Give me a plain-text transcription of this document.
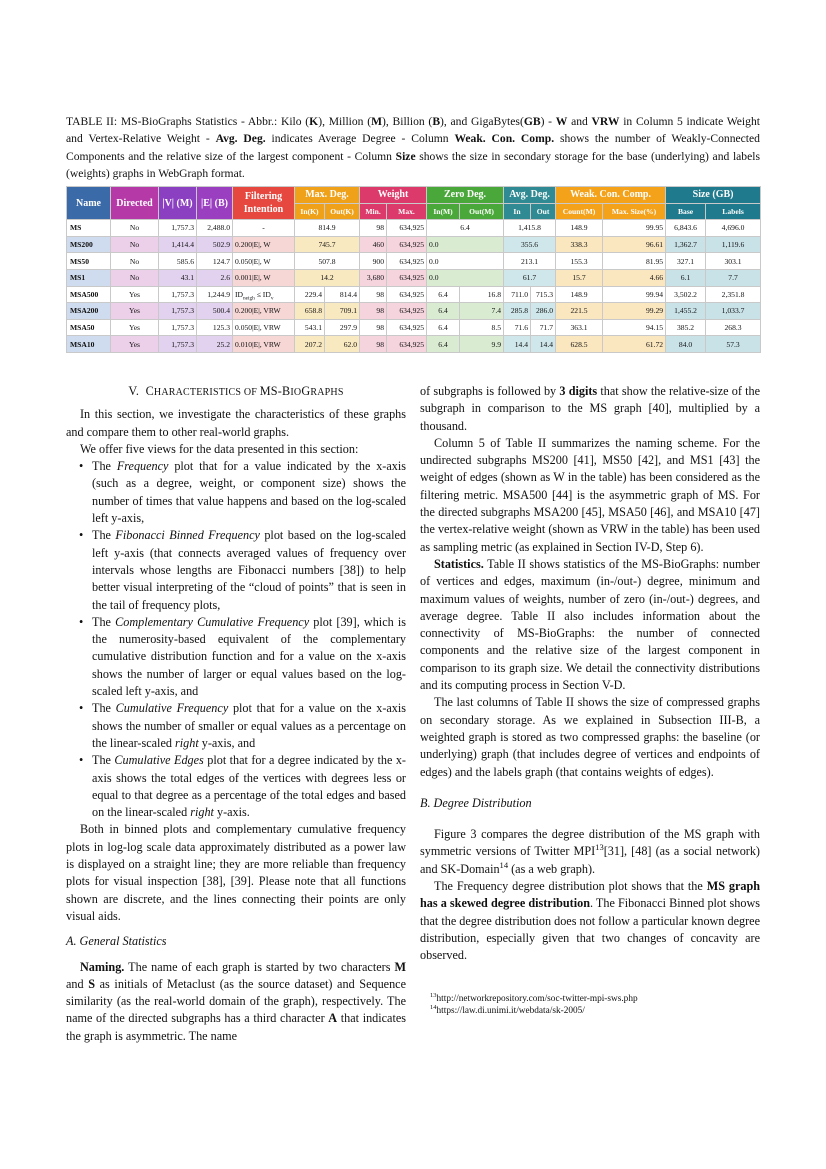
TABLE II: MS-BioGraphs Statistics - Abbr.: Kilo (K), Million (M), Billion (B), and GigaBytes(GB) - W and VRW in Column 5 indicate Weight and Vertex-Relative Weight - Avg. Deg. indicates Average Degree - Column Weak. Con. Comp. shows the number of Weakly-Connected Components and the relative size of the largest component - Column Size shows the size in secondary storage for the base (underlying) and labels (weights) graphs in WebGraph format.
Name	Directed	|V| (M)	|E| (B)	Filtering Intention	Max. Deg.		Weight		Zero Deg.		Avg. Deg.		Weak. Con. Comp.		Size (GB)	
					In(K)	Out(K)	Min.	Max.	In(M)	Out(M)	In	Out	Count(M)	Max. Size(%)	Base	Labels
MS	No	1,757.3	2,488.0	-	814.9		98	634,925	6.4		1,415.8		148.9	99.95	6,843.6	4,696.0
MS200	No	1,414.4	502.9	0.200|E|, W	745.7		460	634,925	0.0		355.6		338.3	96.61	1,362.7	1,119.6
MS50	No	585.6	124.7	0.050|E|, W	507.8		900	634,925	0.0		213.1		155.3	81.95	327.1	303.1
MS1	No	43.1	2.6	0.001|E|, W	14.2		3,680	634,925	0.0		61.7		15.7	4.66	6.1	7.7
MSA500	Yes	1,757.3	1,244.9	$ID_{neigh} \le ID_v$	229.4	814.4	98	634,925	6.4	16.8	711.0	715.3	148.9	99.94	3,502.2	2,351.8
MSA200	Yes	1,757.3	500.4	0.200|E|, VRW	658.8	709.1	98	634,925	6.4	7.4	285.8	286.0	221.5	99.29	1,455.2	1,033.7
MSA50	Yes	1,757.3	125.3	0.050|E|, VRW	543.1	297.9	98	634,925	6.4	8.5	71.6	71.7	363.1	94.15	385.2	268.3
MSA10	Yes	1,757.3	25.2	0.010|E|, VRW	207.2	62.0	98	634,925	6.4	9.9	14.4	14.4	628.5	61.72	84.0	57.3
V. CHARACTERISTICS OF MS-BIOGRAPHS

In this section, we investigate the characteristics of these graphs and compare them to other real-world graphs.

We offer five views for the data presented in this section:

• The Frequency plot that for a value indicated by the x-axis (such as a degree, weight, or component size) shows the number of times that value happens and based on the log-scaled left y-axis,
• The Fibonacci Binned Frequency plot based on the log-scaled left y-axis (that connects averaged values of frequency over intervals whose lengths are Fibonacci numbers [38]) to help better visual interpreting of the “cloud of points” that is seen in the tail of frequency plots,
• The Complementary Cumulative Frequency plot [39], which is the numerosity-based equivalent of the complementary cumulative distribution function and for a value on the x-axis shows the number of larger or equal values based on the log-scaled left y-axis, and
• The Cumulative Frequency plot that for a value on the x-axis shows the number of smaller or equal values as a percentage on the linear-scaled right y-axis, and
• The Cumulative Edges plot that for a degree indicated by the x-axis shows the total edges of the vertices with degrees less or equal to that degree as a percentage of the total edges and based on the linear-scaled right y-axis.

Both in binned plots and complementary cumulative frequency plots in log-log scale data approximately distributed as a power law is displayed on a straight line; they are more reliable than frequency plots for visual inspection [38], [39]. Please note that all functions shown are discrete, and the lines connecting their points are only visual aids.

A. General Statistics

Naming. The name of each graph is started by two characters M and S as initials of Metaclust (as the source dataset) and Sequence similarity (as the real-world domain of the graph), respectively. The name of the directed subgraphs has a third character A that indicates the graph is asymmetric. The name

of subgraphs is followed by 3 digits that show the relative-size of the subgraph in comparison to the MS graph [40], multiplied by a thousand.

Column 5 of Table II summarizes the naming scheme. For the undirected subgraphs MS200 [41], MS50 [42], and MS1 [43] the weight of edges (shown as W in the table) has been considered as the filtering metric. MSA500 [44] is the asymmetric graph of MS. For the directed subgraphs MSA200 [45], MSA50 [46], and MSA10 [47] the vertex-relative weight (shown as VRW in the table) has been used as sampling metric (as explained in Section IV-D, Step 6).

Statistics. Table II shows statistics of the MS-BioGraphs: number of vertices and edges, maximum (in-/out-) degree, minimum and maximum values of weights, number of zero (in-/out-) degrees, and average degree. Table II also includes information about the connectivity of MS-BioGraphs: the number of connected components and the relative size of the largest component in comparison to its graph size. We detail the connectivity distributions and its computing process in Section V-D.

The last columns of Table II shows the size of compressed graphs on secondary storage. As we explained in Subsection III-B, a weighted graph is stored as two compressed graphs: the baseline (or underlying) graph (that includes degree of vertices and endpoints of edges) and the labels graph (that contains weights of edges).

B. Degree Distribution

Figure 3 compares the degree distribution of the MS graph with symmetric versions of Twitter MPI$^{13}$[31], [48] (as a social network) and SK-Domain$^{14}$ (as a web graph).

The Frequency degree distribution plot shows that the MS graph has a skewed degree distribution. The Fibonacci Binned plot shows that the degree distribution does not follow a particular known degree distribution, especially given that two changes of concavity are observed.

$^{13}$http://networkrepository.com/soc-twitter-mpi-sws.php
$^{14}$https://law.di.unimi.it/webdata/sk-2005/
